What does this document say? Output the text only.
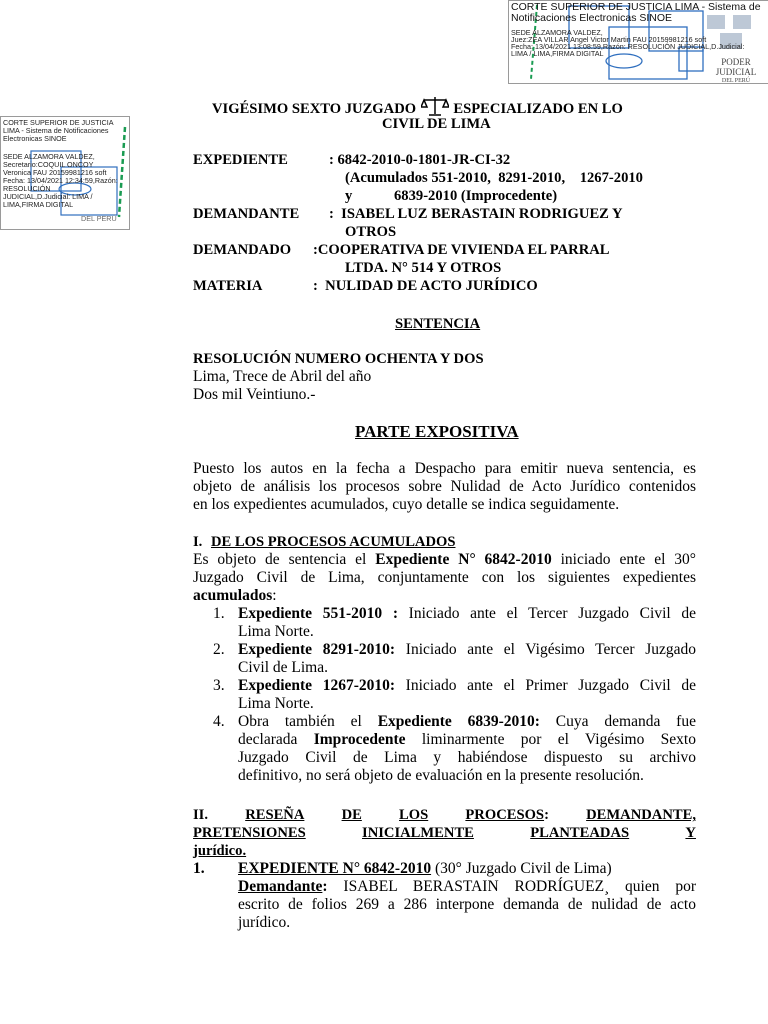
CORTE SUPERIOR DE JUSTICIA LIMA - Sistema de
Notificaciones Electronicas SINOE
SEDE ALZAMORA VALDEZ,
Juez:ZEA VILLAR Angel Victor Martin FAU 20159981216 soft
Fecha: 13/04/2021 13:08:59,Razón: RESOLUCIÓN JUDICIAL,D.Judicial:
LIMA / LIMA,FIRMA DIGITAL
PODER JUDICIAL
DEL PERÚ
CORTE SUPERIOR DE JUSTICIA
LIMA - Sistema de Notificaciones
Electronicas SINOE
SEDE ALZAMORA VALDEZ,
Secretario:COQUIL ONCOY
Veronica FAU 20159981216 soft
Fecha: 13/04/2021 12:34:59,Razón:
RESOLUCIÓN
JUDICIAL,D.Judicial: LIMA /
LIMA,FIRMA DIGITAL
DEL PERÚ
VIGÉSIMO SEXTO JUZGADO	ESPECIALIZADO EN LO
CIVIL DE LIMA
EXPEDIENTE	: 6842-2010-0-1801-JR-CI-32
(Acumulados 551-2010,  8291-2010,    1267-2010
y	6839-2010 (Improcedente)
DEMANDANTE :  ISABEL LUZ BERASTAIN RODRIGUEZ Y
OTROS
DEMANDADO :COOPERATIVA DE VIVIENDA EL PARRAL
LTDA. N° 514 Y OTROS
MATERIA	:  NULIDAD DE ACTO JURÍDICO
SENTENCIA
RESOLUCIÓN NUMERO OCHENTA Y DOS
Lima, Trece de Abril del año
Dos mil Veintiuno.-
PARTE EXPOSITIVA
Puesto los autos en la fecha a Despacho para emitir nueva sentencia, es
objeto de análisis los procesos sobre Nulidad de Acto Jurídico contenidos
en los expedientes acumulados, cuyo detalle se indica seguidamente.
I. DE LOS PROCESOS ACUMULADOS
Es objeto de sentencia el Expediente N° 6842-2010 iniciado ente el 30°
Juzgado Civil de Lima, conjuntamente con los siguientes expedientes
acumulados:
1. Expediente 551-2010 : Iniciado ante el Tercer Juzgado Civil de
Lima Norte.
2. Expediente 8291-2010: Iniciado ante el Vigésimo Tercer Juzgado
Civil de Lima.
3. Expediente 1267-2010: Iniciado ante el Primer Juzgado Civil de
Lima Norte.
4. Obra también el Expediente 6839-2010: Cuya demanda fue
declarada Improcedente liminarmente por el Vigésimo Sexto
Juzgado Civil de Lima y habiéndose dispuesto su archivo
definitivo, no será objeto de evaluación en la presente resolución.
II.	RESEÑA	DE	LOS	PROCESOS:	DEMANDANTE,
PRETENSIONES	INICIALMENTE	PLANTEADAS	Y
jurídico.
1. EXPEDIENTE N° 6842-2010 (30° Juzgado Civil de Lima)
Demandante: ISABEL BERASTAIN RODRÍGUEZ¸ quien por
escrito de folios 269 a 286 interpone demanda de nulidad de acto
jurídico.
